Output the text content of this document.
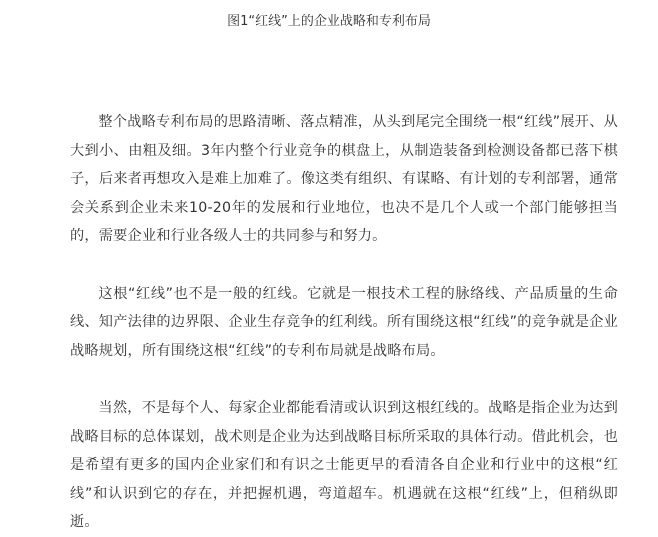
图1“红线”上的企业战略和专利布局

整个战略专利布局的思路清晰、落点精准，从头到尾完全围绕一根“红线”展开、从大到小、由粗及细。3年内整个行业竞争的棋盘上，从制造装备到检测设备都已落下棋子，后来者再想攻入是难上加难了。像这类有组织、有谋略、有计划的专利部署，通常会关系到企业未来10-20年的发展和行业地位，也决不是几个人或一个部门能够担当的，需要企业和行业各级人士的共同参与和努力。

这根“红线”也不是一般的红线。它就是一根技术工程的脉络线、产品质量的生命线、知产法律的边界限、企业生存竞争的红利线。所有围绕这根“红线”的竞争就是企业战略规划，所有围绕这根“红线”的专利布局就是战略布局。

当然，不是每个人、每家企业都能看清或认识到这根红线的。战略是指企业为达到战略目标的总体谋划，战术则是企业为达到战略目标所采取的具体行动。借此机会，也是希望有更多的国内企业家们和有识之士能更早的看清各自企业和行业中的这根“红线”和认识到它的存在，并把握机遇，弯道超车。机遇就在这根“红线”上，但稍纵即逝。
